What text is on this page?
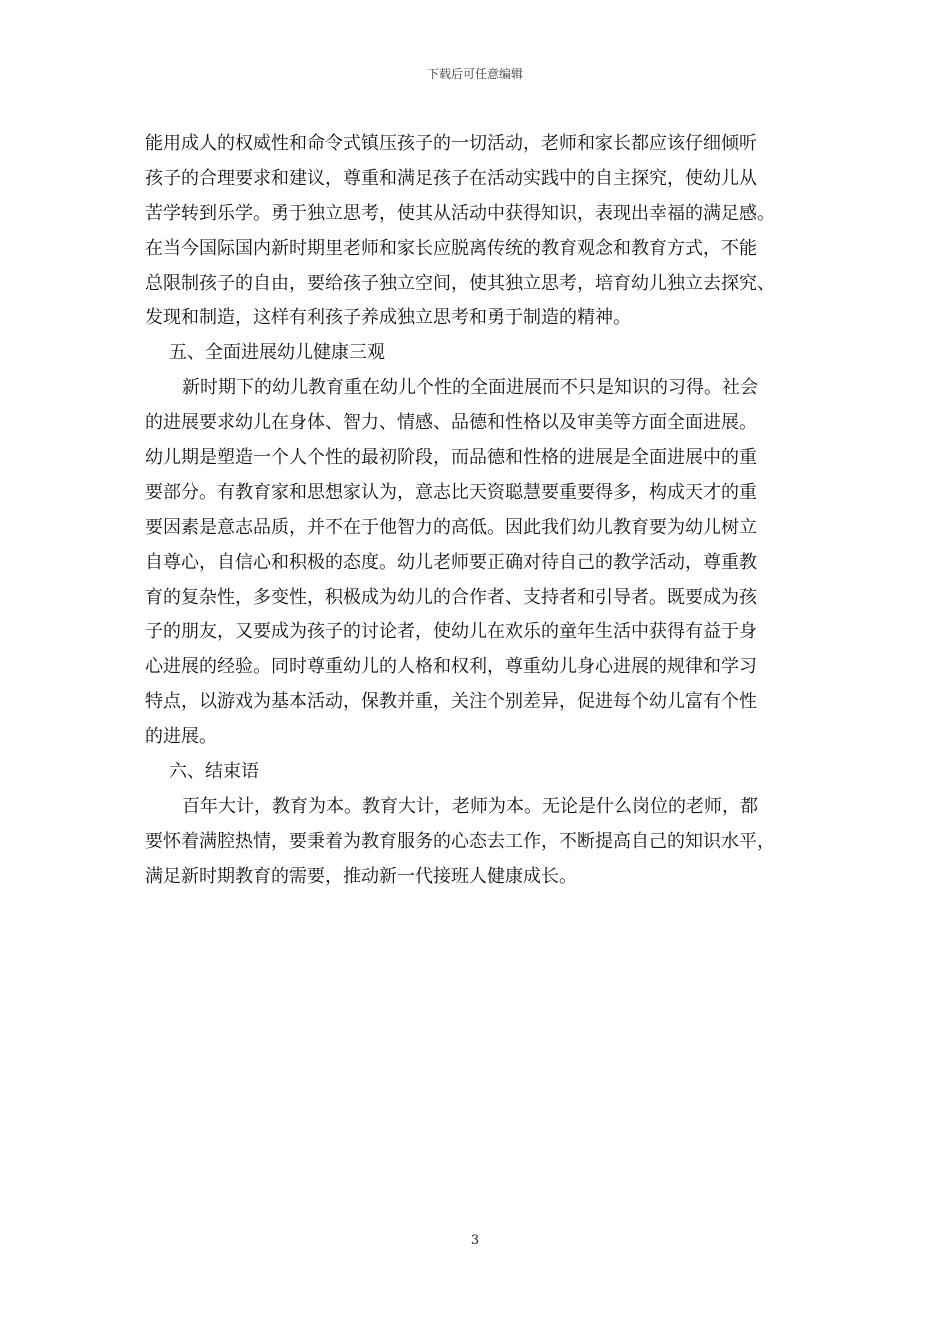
下载后可任意编辑
能用成人的权威性和命令式镇压孩子的一切活动，老师和家长都应该仔细倾听
孩子的合理要求和建议，尊重和满足孩子在活动实践中的自主探究，使幼儿从
苦学转到乐学。勇于独立思考，使其从活动中获得知识，表现出幸福的满足感。
在当今国际国内新时期里老师和家长应脱离传统的教育观念和教育方式，不能
总限制孩子的自由，要给孩子独立空间，使其独立思考，培育幼儿独立去探究、
发现和制造，这样有利孩子养成独立思考和勇于制造的精神。
五、全面进展幼儿健康三观
新时期下的幼儿教育重在幼儿个性的全面进展而不只是知识的习得。社会
的进展要求幼儿在身体、智力、情感、品德和性格以及审美等方面全面进展。
幼儿期是塑造一个人个性的最初阶段，而品德和性格的进展是全面进展中的重
要部分。有教育家和思想家认为，意志比天资聪慧要重要得多，构成天才的重
要因素是意志品质，并不在于他智力的高低。因此我们幼儿教育要为幼儿树立
自尊心，自信心和积极的态度。幼儿老师要正确对待自己的教学活动，尊重教
育的复杂性，多变性，积极成为幼儿的合作者、支持者和引导者。既要成为孩
子的朋友，又要成为孩子的讨论者，使幼儿在欢乐的童年生活中获得有益于身
心进展的经验。同时尊重幼儿的人格和权利，尊重幼儿身心进展的规律和学习
特点，以游戏为基本活动，保教并重，关注个别差异，促进每个幼儿富有个性
的进展。
六、结束语
百年大计，教育为本。教育大计，老师为本。无论是什么岗位的老师，都
要怀着满腔热情，要秉着为教育服务的心态去工作，不断提高自己的知识水平，
满足新时期教育的需要，推动新一代接班人健康成长。
3
